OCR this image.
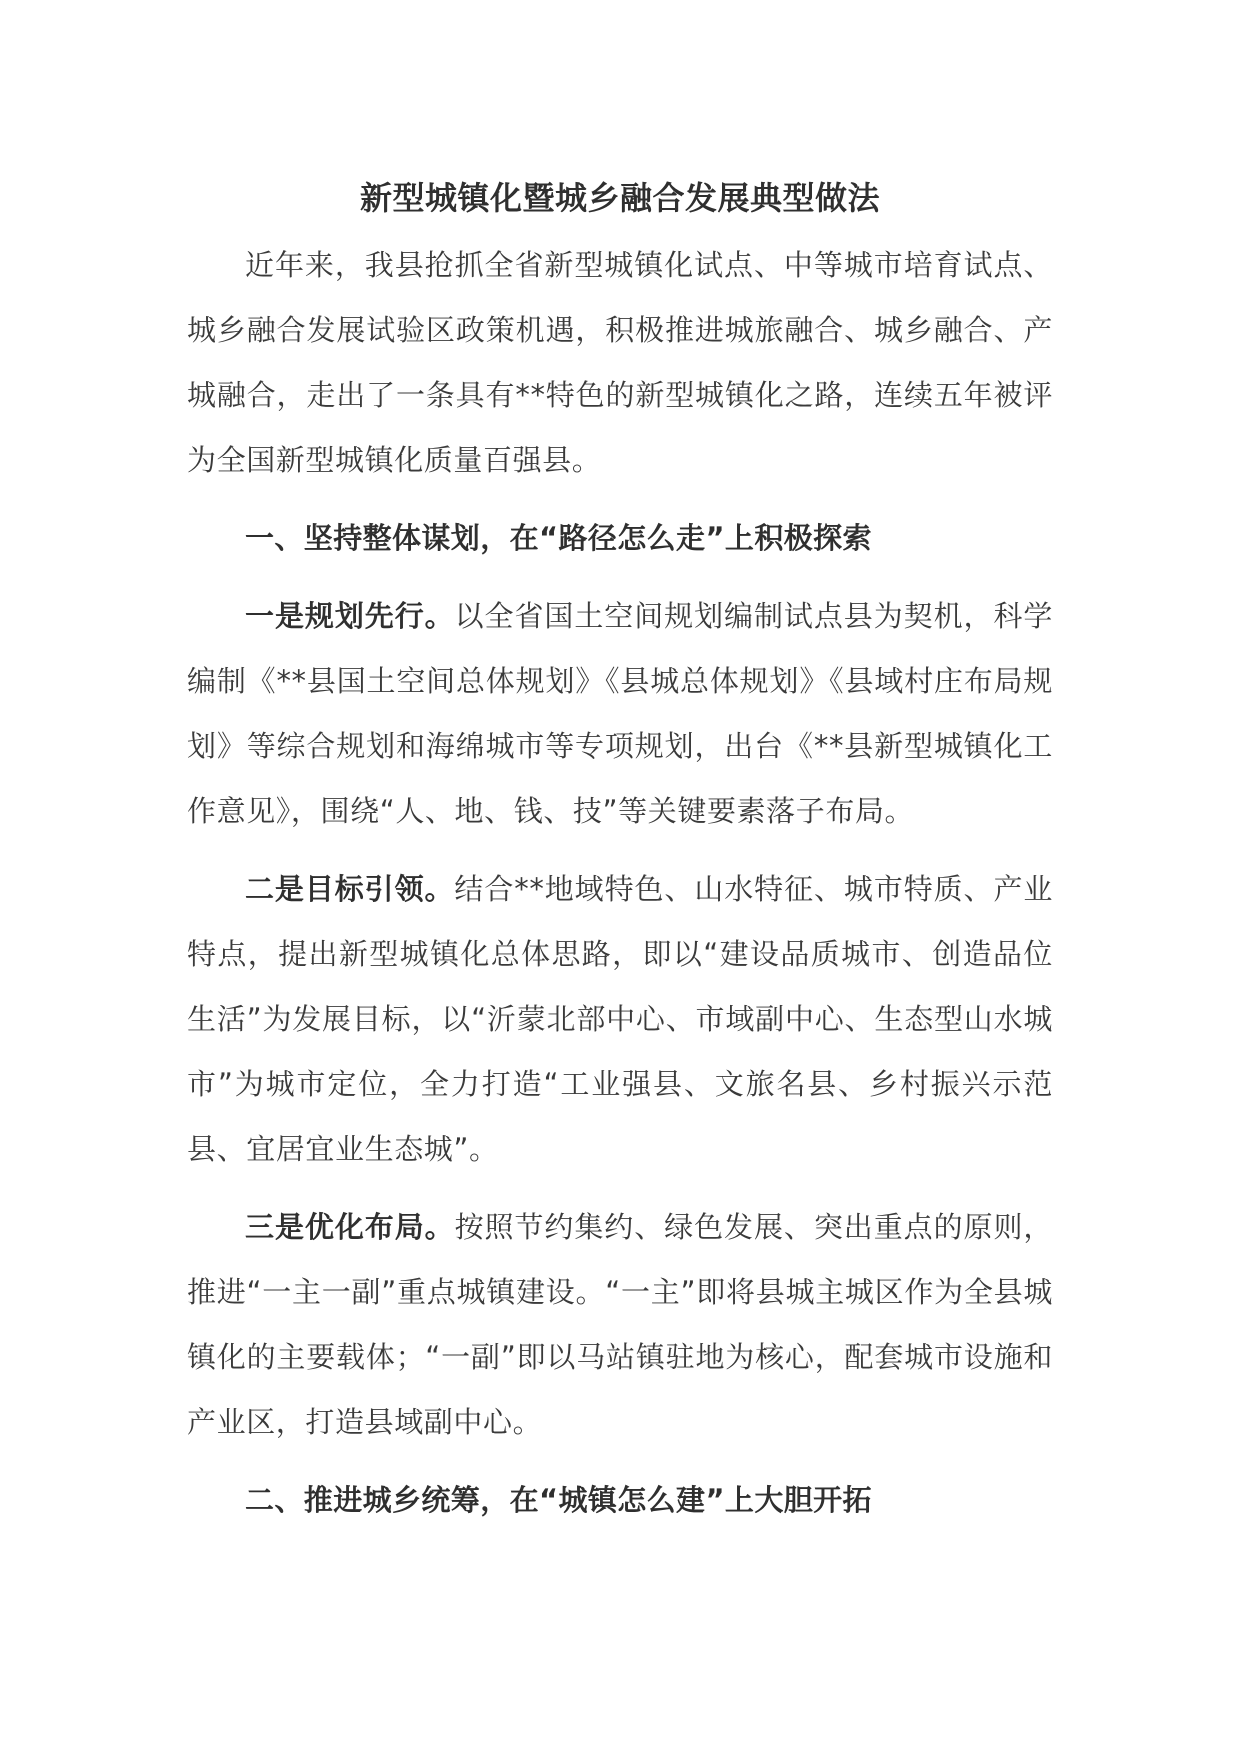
新型城镇化暨城乡融合发展典型做法

近年来，我县抢抓全省新型城镇化试点、中等城市培育试点、城乡融合发展试验区政策机遇，积极推进城旅融合、城乡融合、产城融合，走出了一条具有**特色的新型城镇化之路，连续五年被评为全国新型城镇化质量百强县。

一、坚持整体谋划，在“路径怎么走”上积极探索

一是规划先行。以全省国土空间规划编制试点县为契机，科学编制《**县国土空间总体规划》《县城总体规划》《县域村庄布局规划》等综合规划和海绵城市等专项规划，出台《**县新型城镇化工作意见》，围绕“人、地、钱、技”等关键要素落子布局。

二是目标引领。结合**地域特色、山水特征、城市特质、产业特点，提出新型城镇化总体思路，即以“建设品质城市、创造品位生活”为发展目标，以“沂蒙北部中心、市域副中心、生态型山水城市”为城市定位，全力打造“工业强县、文旅名县、乡村振兴示范县、宜居宜业生态城”。

三是优化布局。按照节约集约、绿色发展、突出重点的原则，推进“一主一副”重点城镇建设。“一主”即将县城主城区作为全县城镇化的主要载体；“一副”即以马站镇驻地为核心，配套城市设施和产业区，打造县域副中心。

二、推进城乡统筹，在“城镇怎么建”上大胆开拓
